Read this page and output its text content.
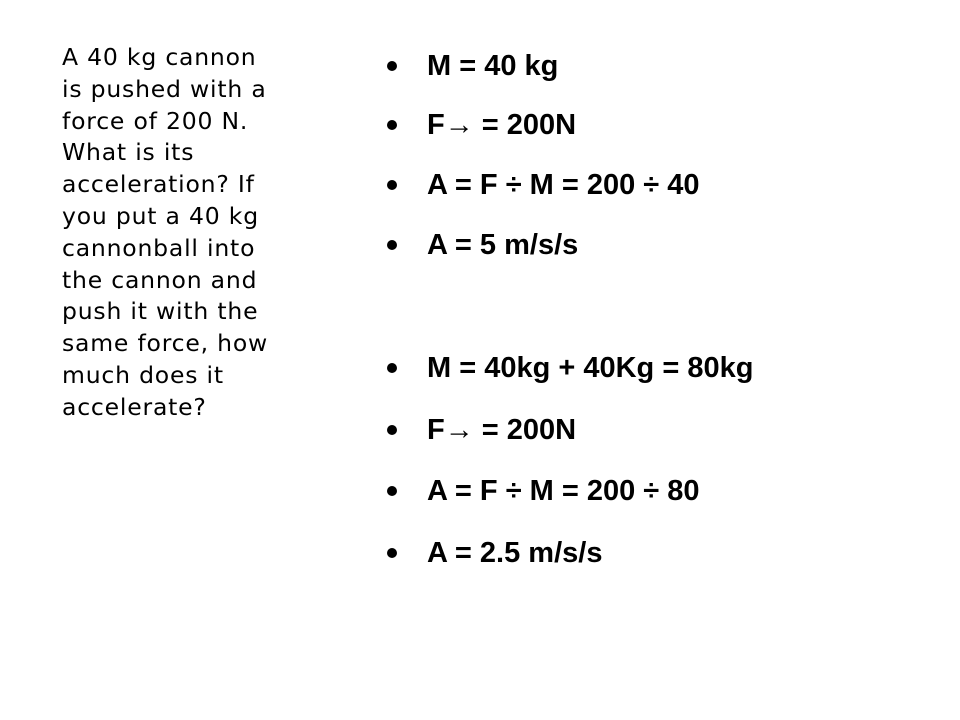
A 40 kg cannon
is pushed with a
force of 200 N.
What is its
acceleration? If
you put a 40 kg
cannonball into
the cannon and
push it with the
same force, how
much does it
accelerate?
M = 40 kg
F→ = 200N
A = F ÷ M = 200 ÷ 40
A = 5 m/s/s
M = 40kg + 40Kg = 80kg
F→ = 200N
A = F ÷ M = 200 ÷ 80
A = 2.5 m/s/s
